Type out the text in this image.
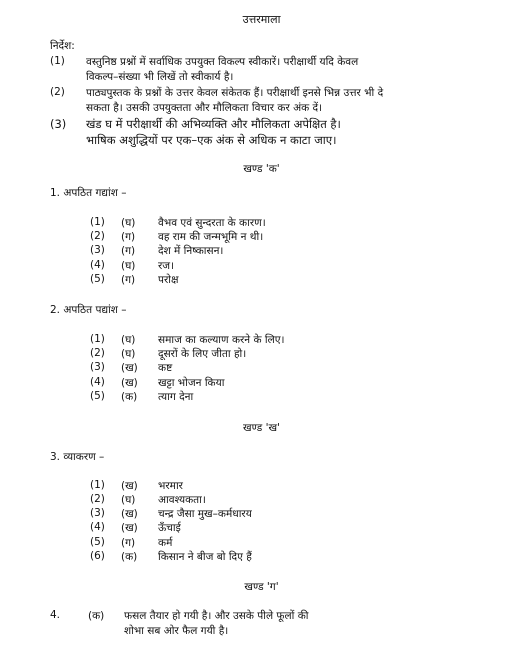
उत्तरमाला
निर्देश:
(1) वस्तुनिष्ठ प्रश्नों में सर्वाधिक उपयुक्त विकल्प स्वीकारें। परीक्षार्थी यदि केवल
विकल्प–संख्या भी लिखें तो स्वीकार्य है।
(2) पाठ्यपुस्तक के प्रश्नों के उत्तर केवल संकेतक हैं। परीक्षार्थी इनसे भिन्न उत्तर भी दे
सकता है। उसकी उपयुक्तता और मौलिकता विचार कर अंक दें।
(3) खंड घ में परीक्षार्थी की अभिव्यक्ति और मौलिकता अपेक्षित है।
भाषिक अशुद्धियों पर एक–एक अंक से अधिक न काटा जाए।
खण्ड 'क'
1. अपठित गद्यांश –
(1) (घ) वैभव एवं सुन्दरता के कारण।
(2) (ग) वह राम की जन्मभूमि न थी।
(3) (ग) देश में निष्कासन।
(4) (घ) रज।
(5) (ग) परोक्ष
2. अपठित पद्यांश –
(1) (घ) समाज का कल्याण करने के लिए।
(2) (घ) दूसरों के लिए जीता हो।
(3) (ख) कष्ट
(4) (ख) खट्टा भोजन किया
(5) (क) त्याग देना
खण्ड 'ख'
3. व्याकरण –
(1) (ख) भरमार
(2) (घ) आवश्यकता।
(3) (ख) चन्द्र जैसा मुख–कर्मधारय
(4) (ख) ऊँचाई
(5) (ग) कर्म
(6) (क) किसान ने बीज बो दिए हैं
खण्ड 'ग'
4.	(क) फसल तैयार हो गयी है। और उसके पीले फूलों की
शोभा सब ओर फैल गयी है।
